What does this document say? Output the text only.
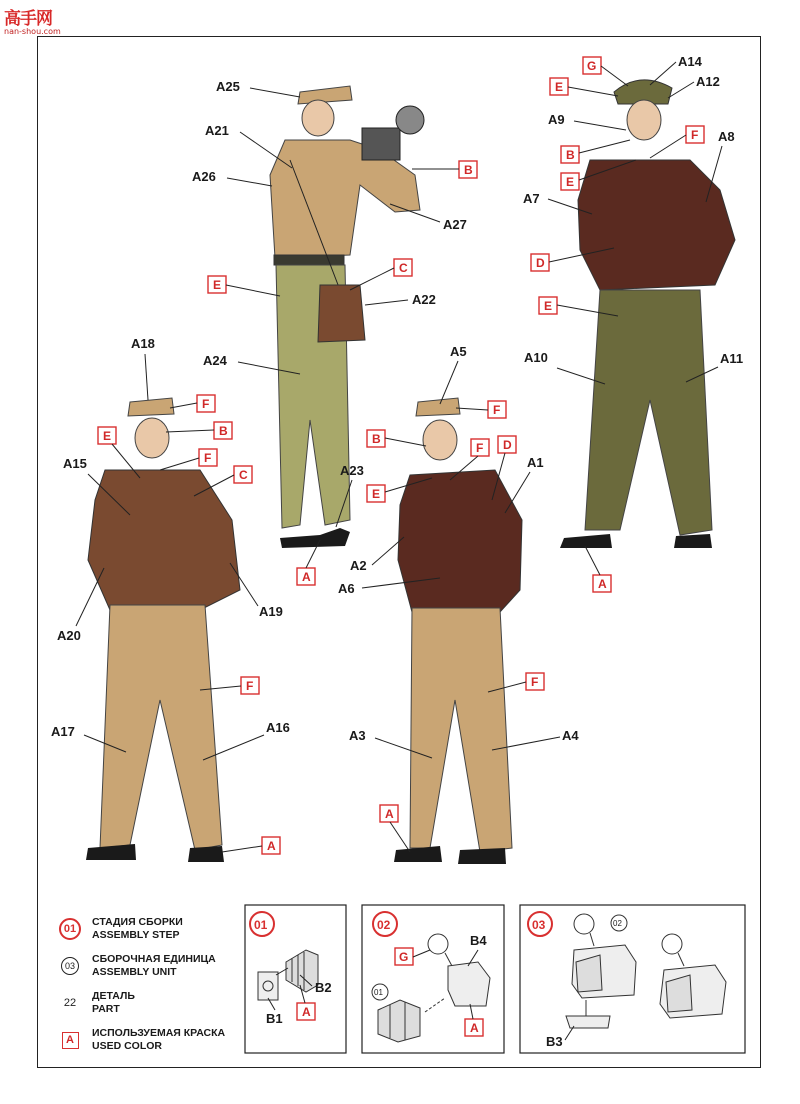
高手网
nan-shou.com
A25
A21
A26
A27
A22
A24
A23
A14
A12
A9
A8
A7
A10	A11
A18
A15
A20
A19
A17	A16
A5
A1
A2
A6
A3	A4
B
E
C
A
G
E
B
F
E
D
E
A
F
B
E
F
C
F
A
F
B
F D
E
F
A
01
B2
B1 A
02
B4
G
01
A
03
B3
02
01
СТАДИЯ СБОРКИ
ASSEMBLY STEP
03
СБОРОЧНАЯ ЕДИНИЦА
ASSEMBLY UNIT
22
ДЕТАЛЬ
PART
A
ИСПОЛЬЗУЕМАЯ КРАСКА
USED COLOR
